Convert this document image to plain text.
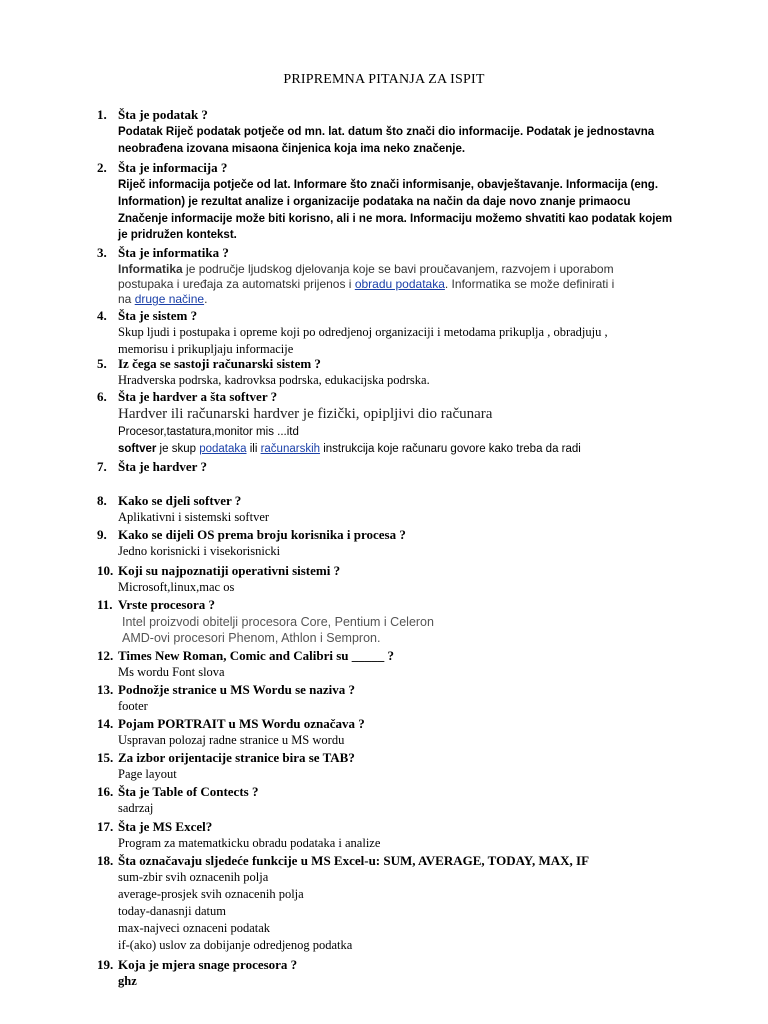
PRIPREMNA PITANJA ZA ISPIT
1. Šta je podatak ?
Podatak Riječ podatak potječe od mn. lat. datum što znači dio informacije. Podatak je jednostavna
neobrađena izovana misaona činjenica koja ima neko značenje.
2. Šta je informacija ?
Riječ informacija potječe od lat. Informare što znači informisanje, obavještavanje. Informacija (eng.
Information) je rezultat analize i organizacije podataka na način da daje novo znanje primaocu
Značenje informacije može biti korisno, ali i ne mora. Informaciju možemo shvatiti kao podatak kojem
je pridružen kontekst.
3. Šta je informatika ?
Informatika je područje ljudskog djelovanja koje se bavi proučavanjem, razvojem i uporabom
postupaka i uređaja za automatski prijenos i obradu podataka. Informatika se može definirati i
na druge načine.
4. Šta je sistem ?
Skup ljudi i postupaka i opreme koji po odredjenoj organizaciji i metodama prikuplja , obradjuju ,
memorisu i prikupljaju informacije
5. Iz čega se sastoji računarski sistem ?
Hradverska podrska, kadrovksa podrska, edukacijska podrska.
6. Šta je hardver a šta softver ?
Hardver ili računarski hardver je fizički, opipljivi dio računara
Procesor,tastatura,monitor mis ...itd
softver je skup podataka ili računarskih instrukcija koje računaru govore kako treba da radi
7. Šta je hardver ?
8. Kako se djeli softver ?
Aplikativni i sistemski softver
9. Kako se dijeli OS prema broju korisnika i procesa ?
Jedno korisnicki i visekorisnicki
10. Koji su najpoznatiji operativni sistemi ?
Microsoft,linux,mac os
11. Vrste procesora ?
Intel proizvodi obitelji procesora Core, Pentium i Celeron
AMD-ovi procesori Phenom, Athlon i Sempron.
12. Times New Roman, Comic and Calibri su _____ ?
Ms wordu Font slova
13. Podnožje stranice u MS Wordu se naziva ?
footer
14. Pojam PORTRAIT u MS Wordu označava ?
Uspravan polozaj radne stranice u MS wordu
15. Za izbor orijentacije stranice bira se TAB?
Page layout
16. Šta je Table of Contects ?
sadrzaj
17. Šta je MS Excel?
Program za matematkicku obradu podataka i analize
18. Šta označavaju sljedeće funkcije u MS Excel-u: SUM, AVERAGE, TODAY, MAX, IF
sum-zbir svih oznacenih polja
average-prosjek svih oznacenih polja
today-danasnji datum
max-najveci oznaceni podatak
if-(ako) uslov za dobijanje odredjenog podatka
19. Koja je mjera snage procesora ?
ghz
